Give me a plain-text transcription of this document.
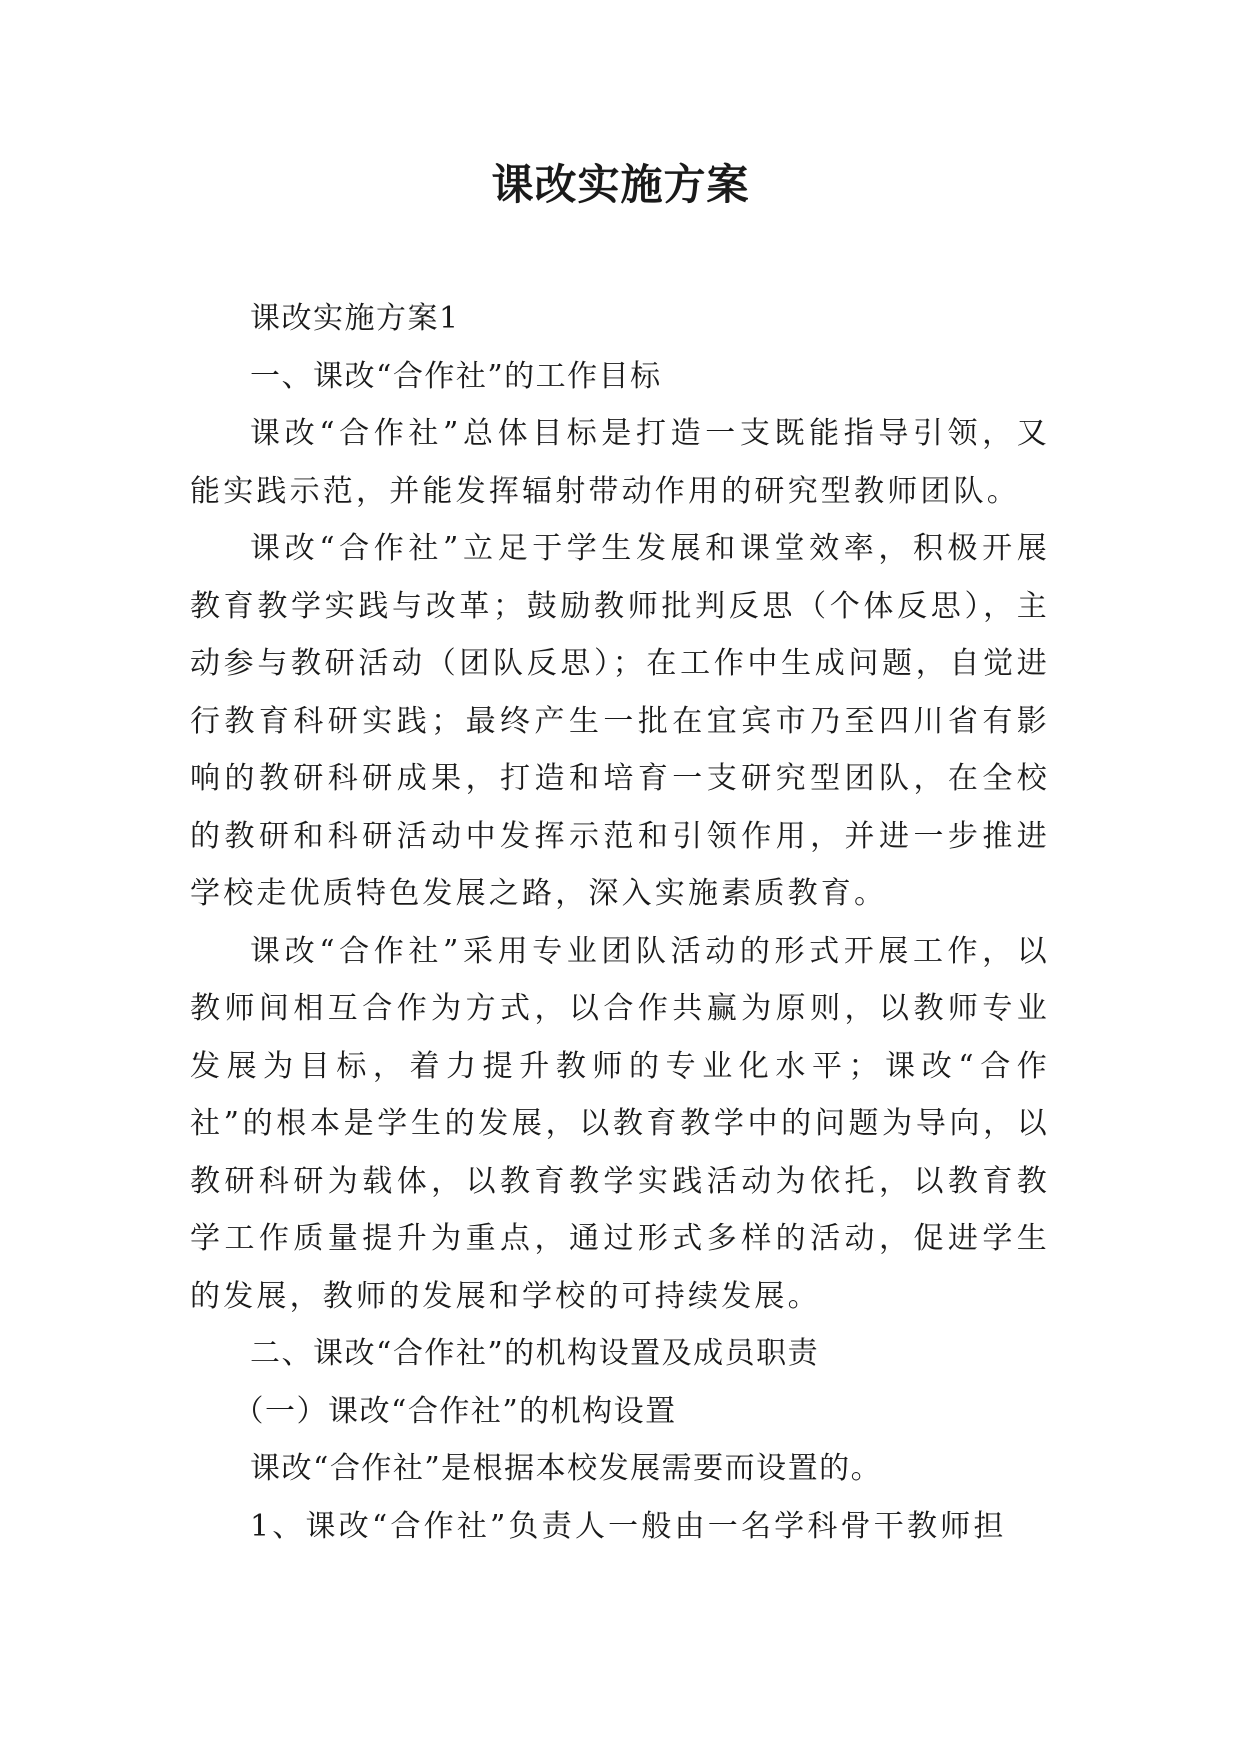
课改实施方案

课改实施方案1

一、课改“合作社”的工作目标

课改“合作社”总体目标是打造一支既能指导引领，又能实践示范，并能发挥辐射带动作用的研究型教师团队。

课改“合作社”立足于学生发展和课堂效率，积极开展教育教学实践与改革；鼓励教师批判反思（个体反思），主动参与教研活动（团队反思）；在工作中生成问题，自觉进行教育科研实践；最终产生一批在宜宾市乃至四川省有影响的教研科研成果，打造和培育一支研究型团队，在全校的教研和科研活动中发挥示范和引领作用，并进一步推进学校走优质特色发展之路，深入实施素质教育。

课改“合作社”采用专业团队活动的形式开展工作，以教师间相互合作为方式，以合作共赢为原则，以教师专业发展为目标，着力提升教师的专业化水平；课改“合作社”的根本是学生的发展，以教育教学中的问题为导向，以教研科研为载体，以教育教学实践活动为依托，以教育教学工作质量提升为重点，通过形式多样的活动，促进学生的发展，教师的发展和学校的可持续发展。

二、课改“合作社”的机构设置及成员职责

（一）课改“合作社”的机构设置

课改“合作社”是根据本校发展需要而设置的。

1、课改“合作社”负责人一般由一名学科骨干教师担
